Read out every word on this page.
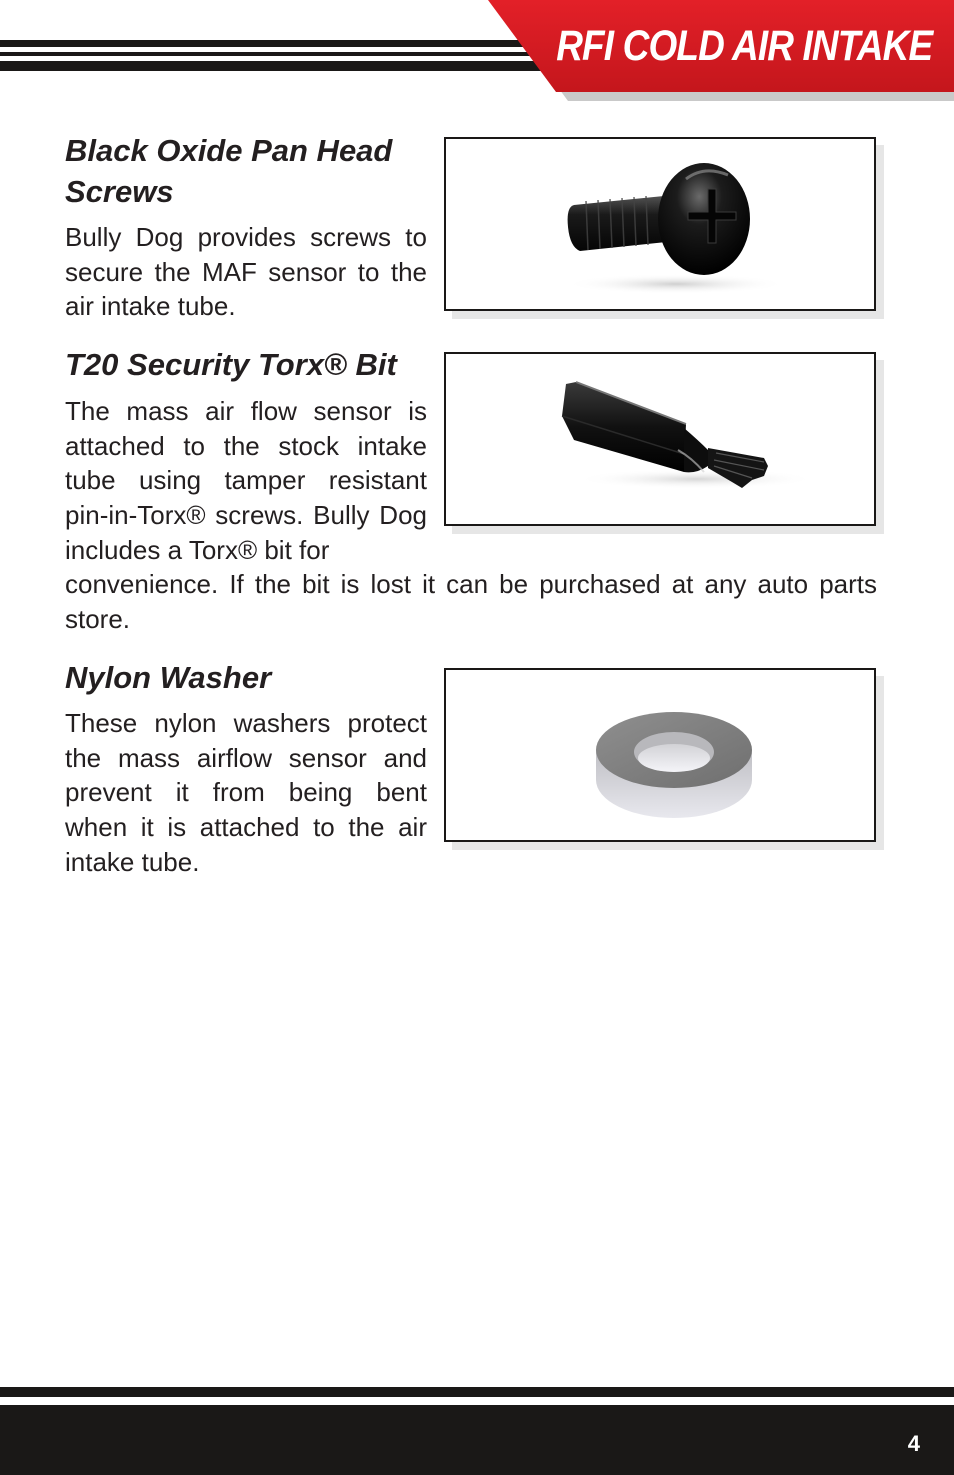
RFI COLD AIR INTAKE
Black Oxide Pan Head Screws

Bully Dog provides screws to secure the MAF sensor to the air intake tube.

T20 Security Torx® Bit

The mass air flow sensor is attached to the stock intake tube using tamper resistant pin-in-Torx® screws. Bully Dog includes a Torx® bit for

convenience. If the bit is lost it can be purchased at any auto parts store.

Nylon Washer

These nylon washers protect the mass airflow sensor and prevent it from being bent when it is attached to the air intake tube.

4
